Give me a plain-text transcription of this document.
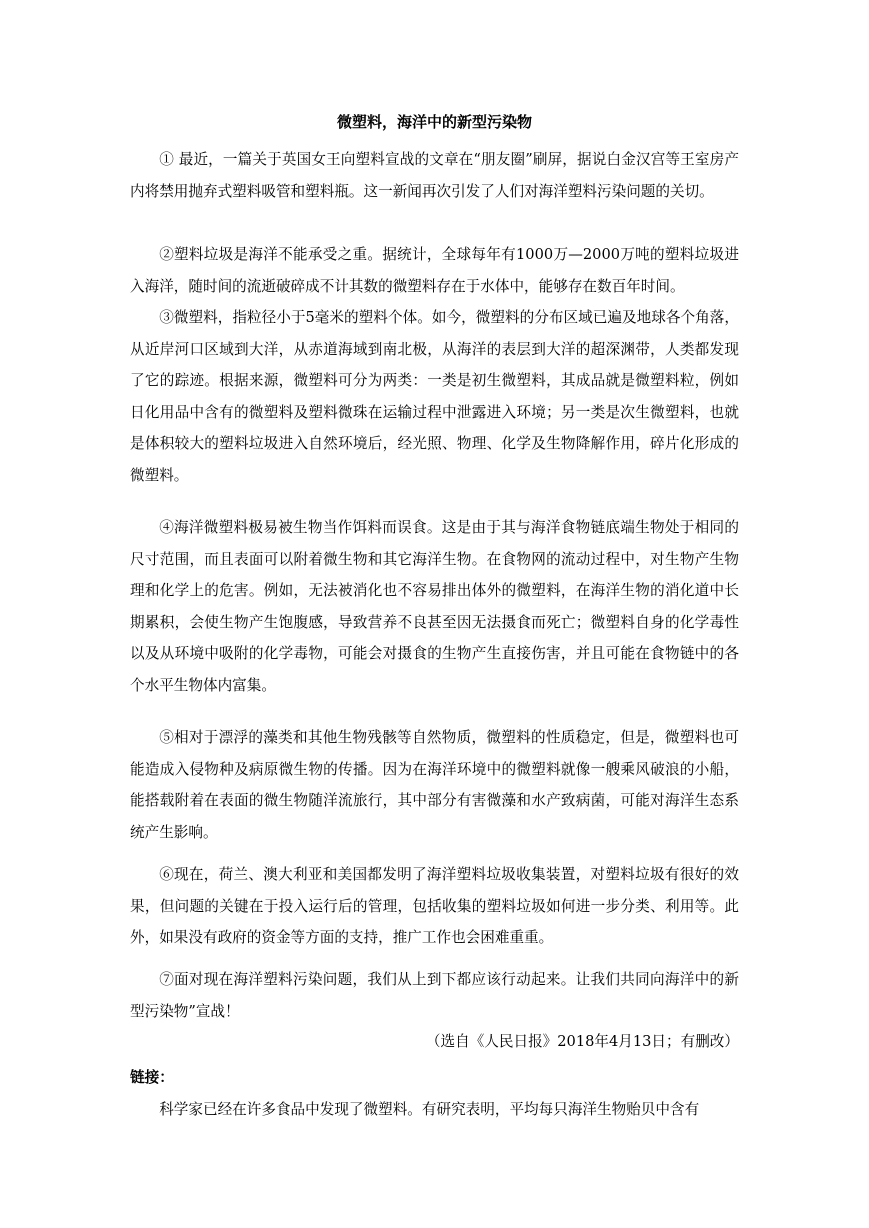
微塑料，海洋中的新型污染物

① 最近，一篇关于英国女王向塑料宣战的文章在“朋友圈”刷屏，据说白金汉宫等王室房产内将禁用抛弃式塑料吸管和塑料瓶。这一新闻再次引发了人们对海洋塑料污染问题的关切。

②塑料垃圾是海洋不能承受之重。据统计，全球每年有1000万—2000万吨的塑料垃圾进入海洋，随时间的流逝破碎成不计其数的微塑料存在于水体中，能够存在数百年时间。

③微塑料，指粒径小于5毫米的塑料个体。如今，微塑料的分布区域已遍及地球各个角落，从近岸河口区域到大洋，从赤道海域到南北极，从海洋的表层到大洋的超深渊带，人类都发现了它的踪迹。根据来源，微塑料可分为两类：一类是初生微塑料，其成品就是微塑料粒，例如日化用品中含有的微塑料及塑料微珠在运输过程中泄露进入环境；另一类是次生微塑料，也就是体积较大的塑料垃圾进入自然环境后，经光照、物理、化学及生物降解作用，碎片化形成的微塑料。

④海洋微塑料极易被生物当作饵料而误食。这是由于其与海洋食物链底端生物处于相同的尺寸范围，而且表面可以附着微生物和其它海洋生物。在食物网的流动过程中，对生物产生物理和化学上的危害。例如，无法被消化也不容易排出体外的微塑料，在海洋生物的消化道中长期累积，会使生物产生饱腹感，导致营养不良甚至因无法摄食而死亡；微塑料自身的化学毒性以及从环境中吸附的化学毒物，可能会对摄食的生物产生直接伤害，并且可能在食物链中的各个水平生物体内富集。

⑤相对于漂浮的藻类和其他生物残骸等自然物质，微塑料的性质稳定，但是，微塑料也可能造成入侵物种及病原微生物的传播。因为在海洋环境中的微塑料就像一艘乘风破浪的小船，能搭载附着在表面的微生物随洋流旅行，其中部分有害微藻和水产致病菌，可能对海洋生态系统产生影响。

⑥现在，荷兰、澳大利亚和美国都发明了海洋塑料垃圾收集装置，对塑料垃圾有很好的效果，但问题的关键在于投入运行后的管理，包括收集的塑料垃圾如何进一步分类、利用等。此外，如果没有政府的资金等方面的支持，推广工作也会困难重重。

⑦面对现在海洋塑料污染问题，我们从上到下都应该行动起来。让我们共同向海洋中的新型污染物”宣战！

（选自《人民日报》2018年4月13日；有删改）
链接：

科学家已经在许多食品中发现了微塑料。有研究表明，平均每只海洋生物贻贝中含有
